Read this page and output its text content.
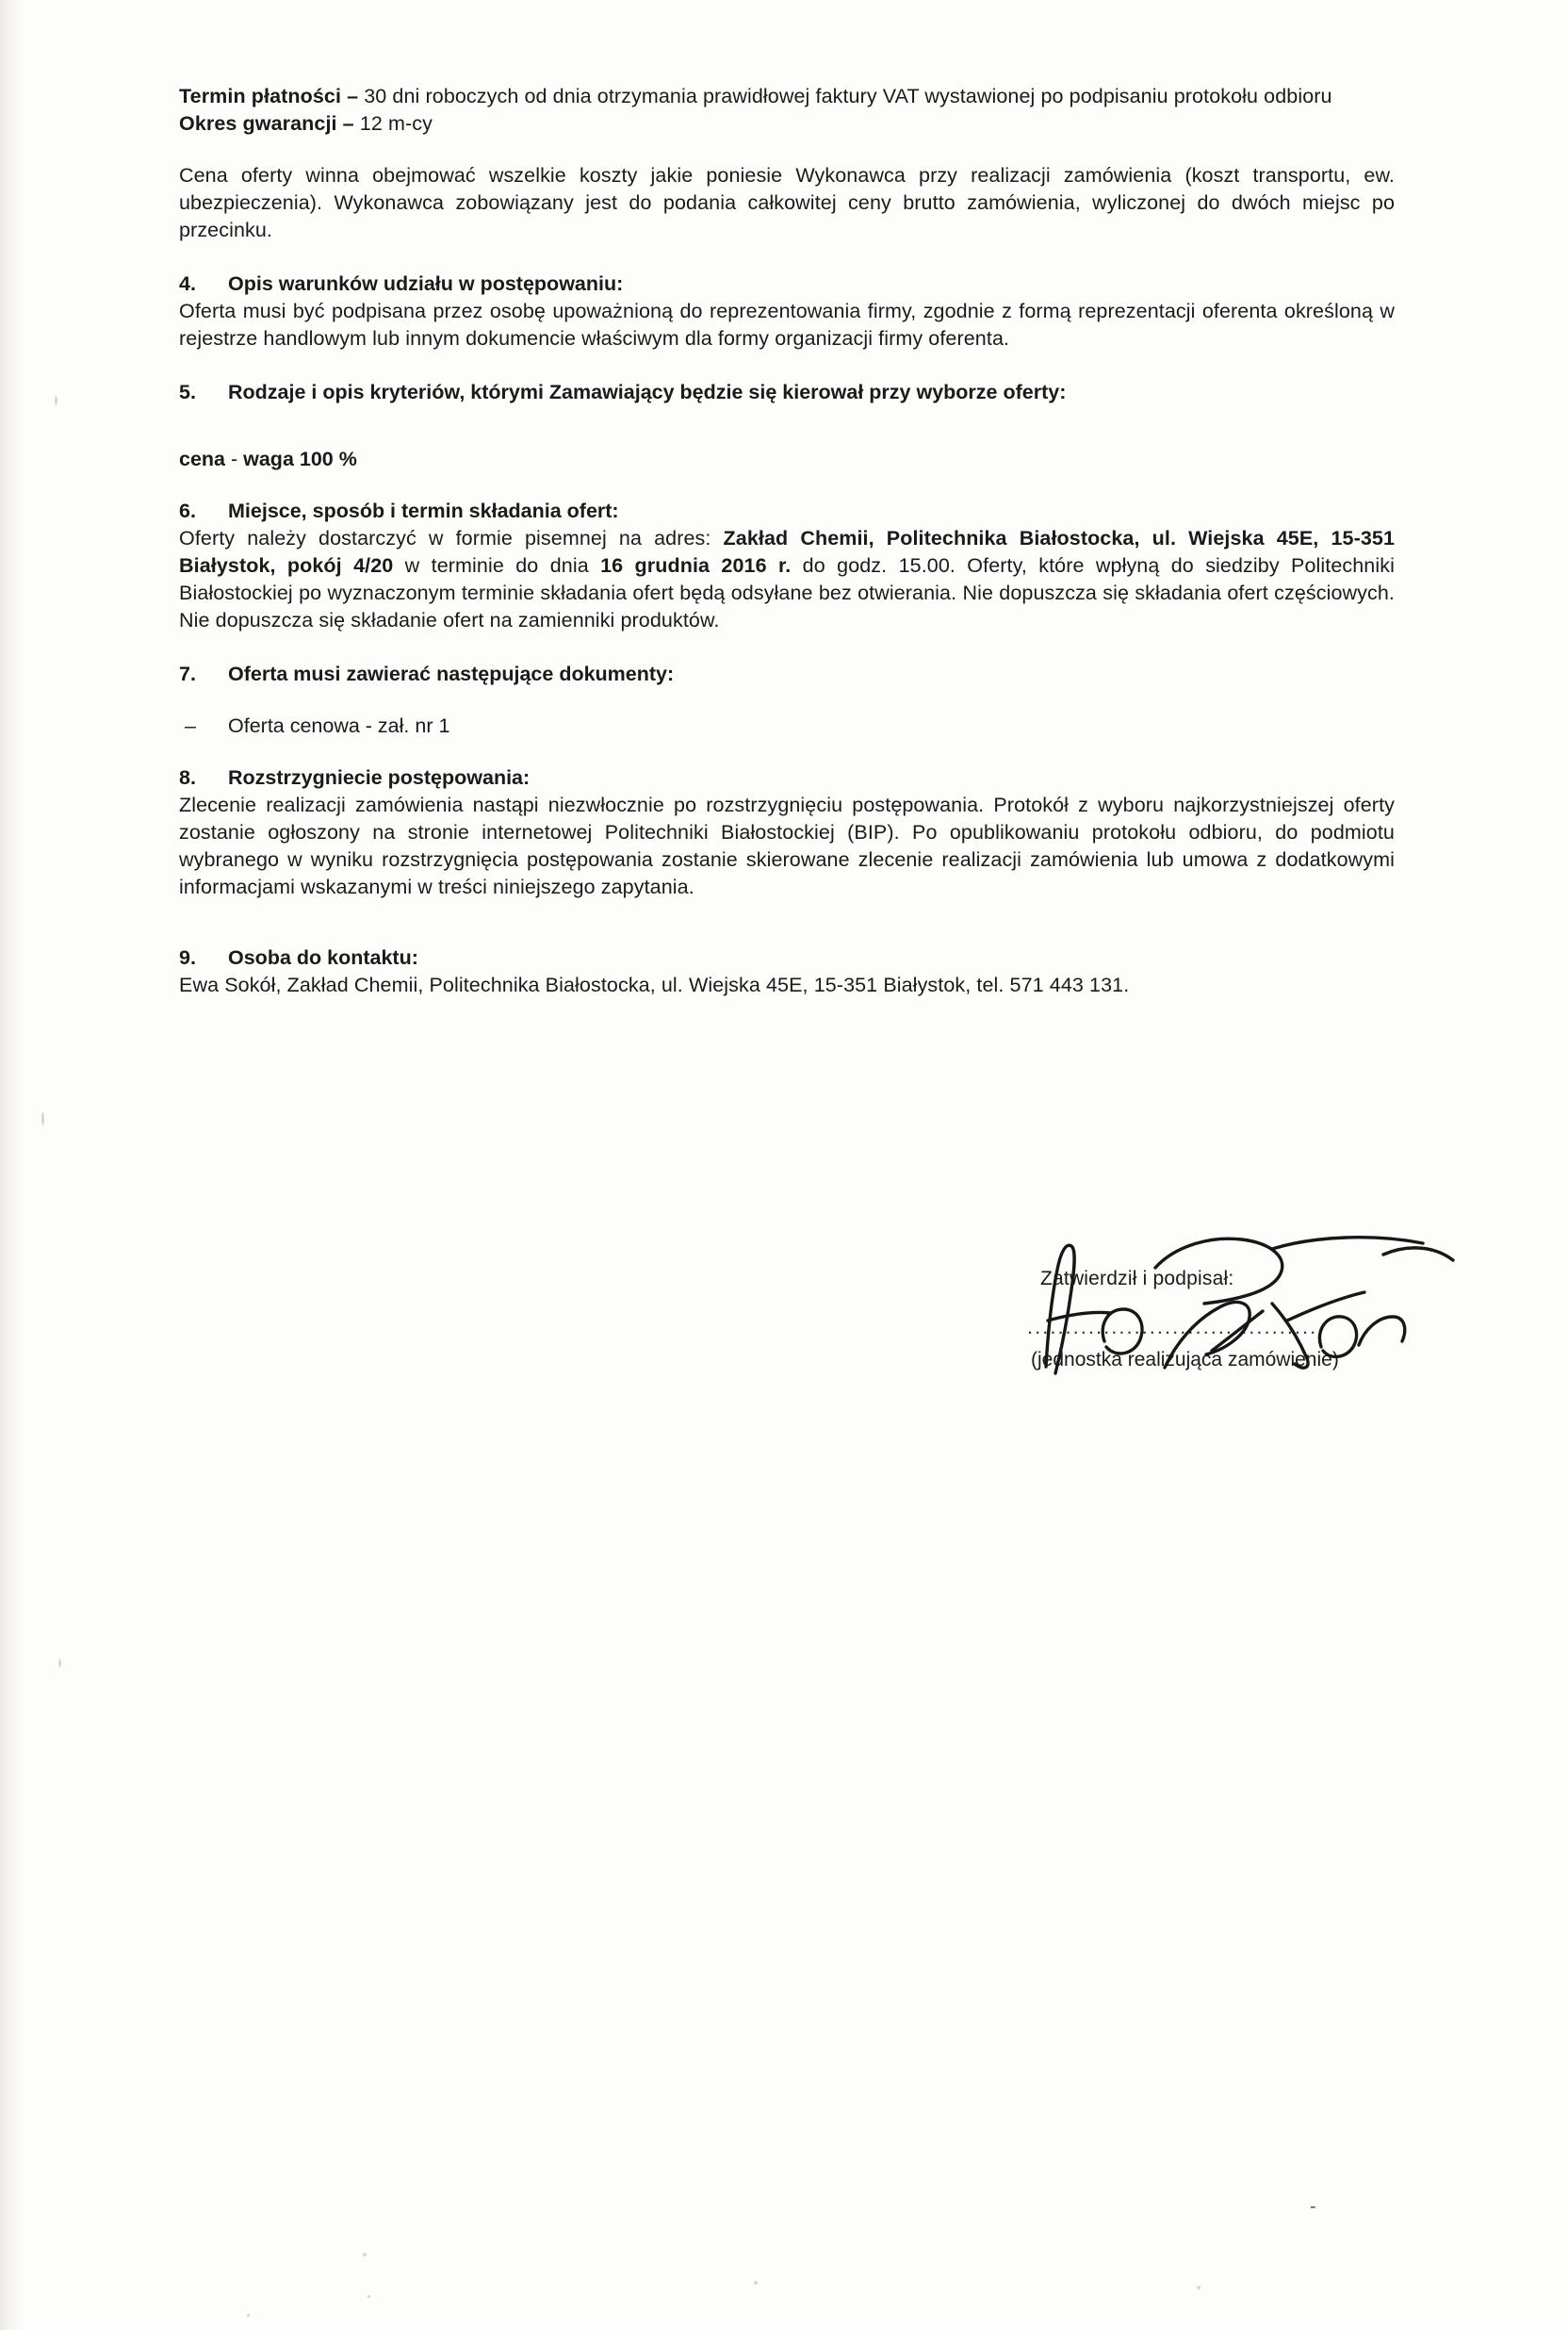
Termin płatności – 30 dni roboczych od dnia otrzymania prawidłowej faktury VAT wystawionej po podpisaniu protokołu odbioru

Okres gwarancji – 12 m-cy

Cena oferty winna obejmować wszelkie koszty jakie poniesie Wykonawca przy realizacji zamówienia (koszt transportu, ew. ubezpieczenia). Wykonawca zobowiązany jest do podania całkowitej ceny brutto zamówienia, wyliczonej do dwóch miejsc po przecinku.

4.	Opis warunków udziału w postępowaniu:

Oferta musi być podpisana przez osobę upoważnioną do reprezentowania firmy, zgodnie z formą reprezentacji oferenta określoną w rejestrze handlowym lub innym dokumencie właściwym dla formy organizacji firmy oferenta.

5.	Rodzaje i opis kryteriów, którymi Zamawiający będzie się kierował przy wyborze oferty:

cena - waga 100 %

6.	Miejsce, sposób i termin składania ofert:

Oferty należy dostarczyć w formie pisemnej na adres: Zakład Chemii, Politechnika Białostocka, ul. Wiejska 45E, 15-351 Białystok, pokój 4/20 w terminie do dnia 16 grudnia 2016 r. do godz. 15.00. Oferty, które wpłyną do siedziby Politechniki Białostockiej po wyznaczonym terminie składania ofert będą odsyłane bez otwierania. Nie dopuszcza się składania ofert częściowych. Nie dopuszcza się składanie ofert na zamienniki produktów.

7.	Oferta musi zawierać następujące dokumenty:
–	Oferta cenowa - zał. nr 1
8.	Rozstrzygniecie postępowania:

Zlecenie realizacji zamówienia nastąpi niezwłocznie po rozstrzygnięciu postępowania. Protokół z wyboru najkorzystniejszej oferty zostanie ogłoszony na stronie internetowej Politechniki Białostockiej (BIP). Po opublikowaniu protokołu odbioru, do podmiotu wybranego w wyniku rozstrzygnięcia postępowania zostanie skierowane zlecenie realizacji zamówienia lub umowa z dodatkowymi informacjami wskazanymi w treści niniejszego zapytania.

9.	Osoba do kontaktu:

Ewa Sokół, Zakład Chemii, Politechnika Białostocka, ul. Wiejska 45E, 15-351 Białystok, tel. 571 443 131.

Zatwierdził i podpisał:
......................................
(jednostka realizująca zamówienie)
-
